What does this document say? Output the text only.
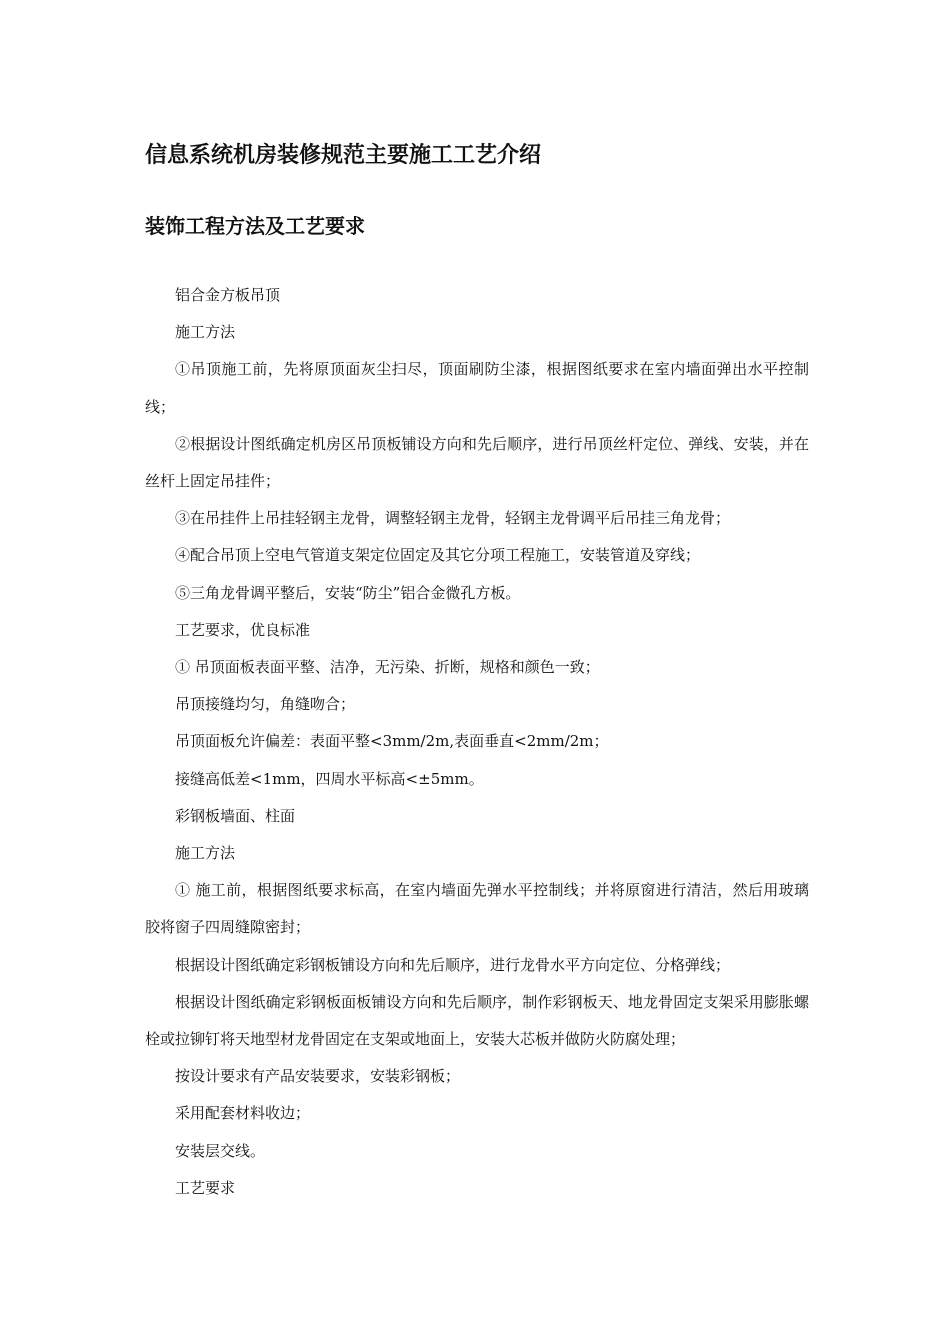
信息系统机房装修规范主要施工工艺介绍
装饰工程方法及工艺要求

铝合金方板吊顶

施工方法

①吊顶施工前，先将原顶面灰尘扫尽，顶面刷防尘漆，根据图纸要求在室内墙面弹出水平控制线；

②根据设计图纸确定机房区吊顶板铺设方向和先后顺序，进行吊顶丝杆定位、弹线、安装，并在丝杆上固定吊挂件；

③在吊挂件上吊挂轻钢主龙骨，调整轻钢主龙骨，轻钢主龙骨调平后吊挂三角龙骨；

④配合吊顶上空电气管道支架定位固定及其它分项工程施工，安装管道及穿线；

⑤三角龙骨调平整后，安装“防尘”铝合金微孔方板。

工艺要求，优良标准

① 吊顶面板表面平整、洁净，无污染、折断，规格和颜色一致；

吊顶接缝均匀，角缝吻合；

吊顶面板允许偏差：表面平整<3mm/2m,表面垂直<2mm/2m；

接缝高低差<1mm，四周水平标高<±5mm。

彩钢板墙面、柱面

施工方法

① 施工前，根据图纸要求标高，在室内墙面先弹水平控制线；并将原窗进行清洁，然后用玻璃胶将窗子四周缝隙密封；

根据设计图纸确定彩钢板铺设方向和先后顺序，进行龙骨水平方向定位、分格弹线；

根据设计图纸确定彩钢板面板铺设方向和先后顺序，制作彩钢板天、地龙骨固定支架采用膨胀螺栓或拉铆钉将天地型材龙骨固定在支架或地面上，安装大芯板并做防火防腐处理；

按设计要求有产品安装要求，安装彩钢板；

采用配套材料收边；

安装层交线。

工艺要求
